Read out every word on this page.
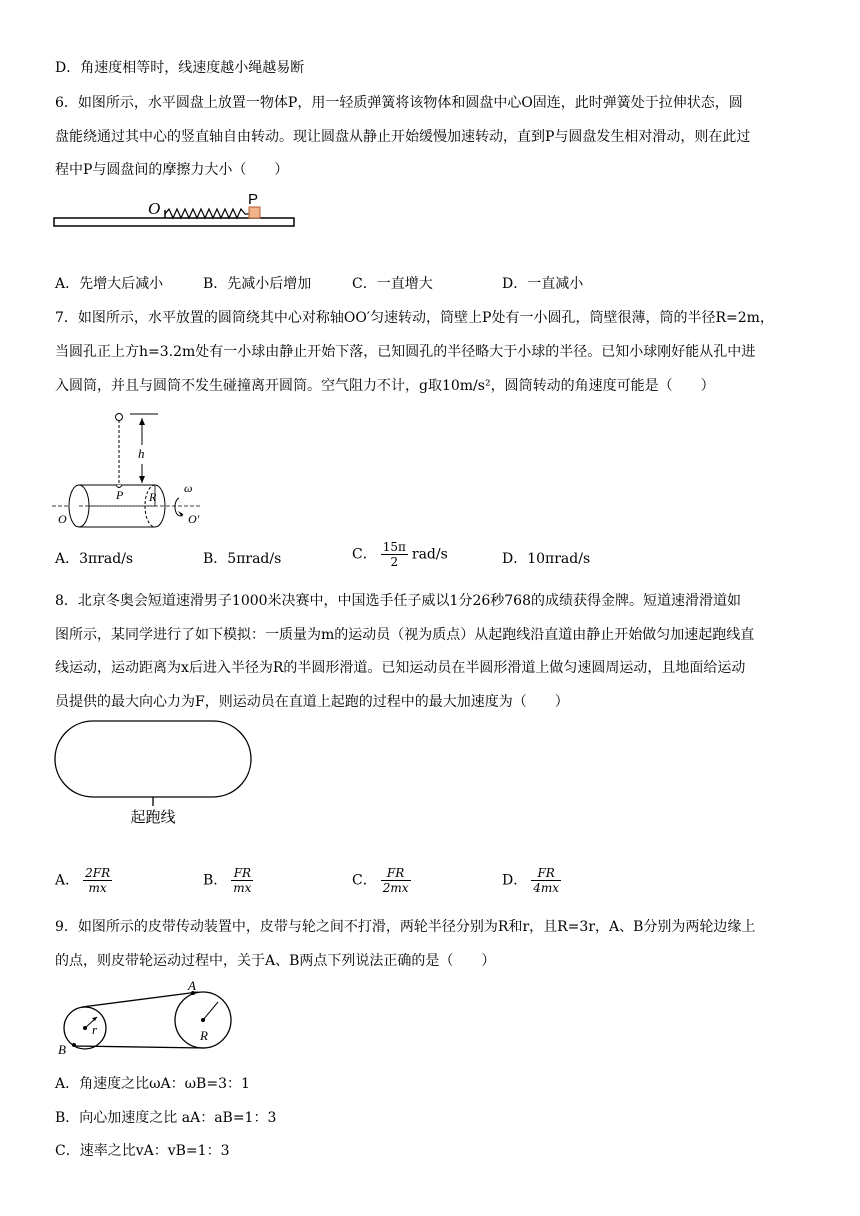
D．角速度相等时，线速度越小绳越易断
6．如图所示，水平圆盘上放置一物体P，用一轻质弹簧将该物体和圆盘中心O固连，此时弹簧处于拉伸状态，圆
盘能绕通过其中心的竖直轴自由转动。现让圆盘从静止开始缓慢加速转动，直到P与圆盘发生相对滑动，则在此过
程中P与圆盘间的摩擦力大小（　　）
O	P
A．先增大后减小	B．先减小后增加	C．一直增大	D．一直减小
7．如图所示，水平放置的圆筒绕其中心对称轴OO′匀速转动，筒壁上P处有一小圆孔，筒壁很薄，筒的半径R=2m，
当圆孔正上方h=3.2m处有一小球由静止开始下落，已知圆孔的半径略大于小球的半径。已知小球刚好能从孔中进
入圆筒，并且与圆筒不发生碰撞离开圆筒。空气阻力不计，g取10m/s²，圆筒转动的角速度可能是（　　）
h
P R
O	O′
ω
A．3πrad/s	B．5πrad/s	C． $\frac{15\pi}{2} rad/s$	D．10πrad/s
8．北京冬奥会短道速滑男子1000米决赛中，中国选手任子威以1分26秒768的成绩获得金牌。短道速滑滑道如
图所示，某同学进行了如下模拟：一质量为m的运动员（视为质点）从起跑线沿直道由静止开始做匀加速起跑线直
线运动，运动距离为x后进入半径为R的半圆形滑道。已知运动员在半圆形滑道上做匀速圆周运动，且地面给运动
员提供的最大向心力为F，则运动员在直道上起跑的过程中的最大加速度为（　　）
起跑线
A． $\frac{2FR}{mx}$	B． $\frac{FR}{mx}$	C． $\frac{FR}{2mx}$	D． $\frac{FR}{4mx}$
9．如图所示的皮带传动装置中，皮带与轮之间不打滑，两轮半径分别为R和r，且R=3r，A、B分别为两轮边缘上
的点，则皮带轮运动过程中，关于A、B两点下列说法正确的是（　　）
r	R
A
B
A．角速度之比ωA：ωB=3：1
B．向心加速度之比 aA：aB=1：3
C．速率之比vA：vB=1：3
